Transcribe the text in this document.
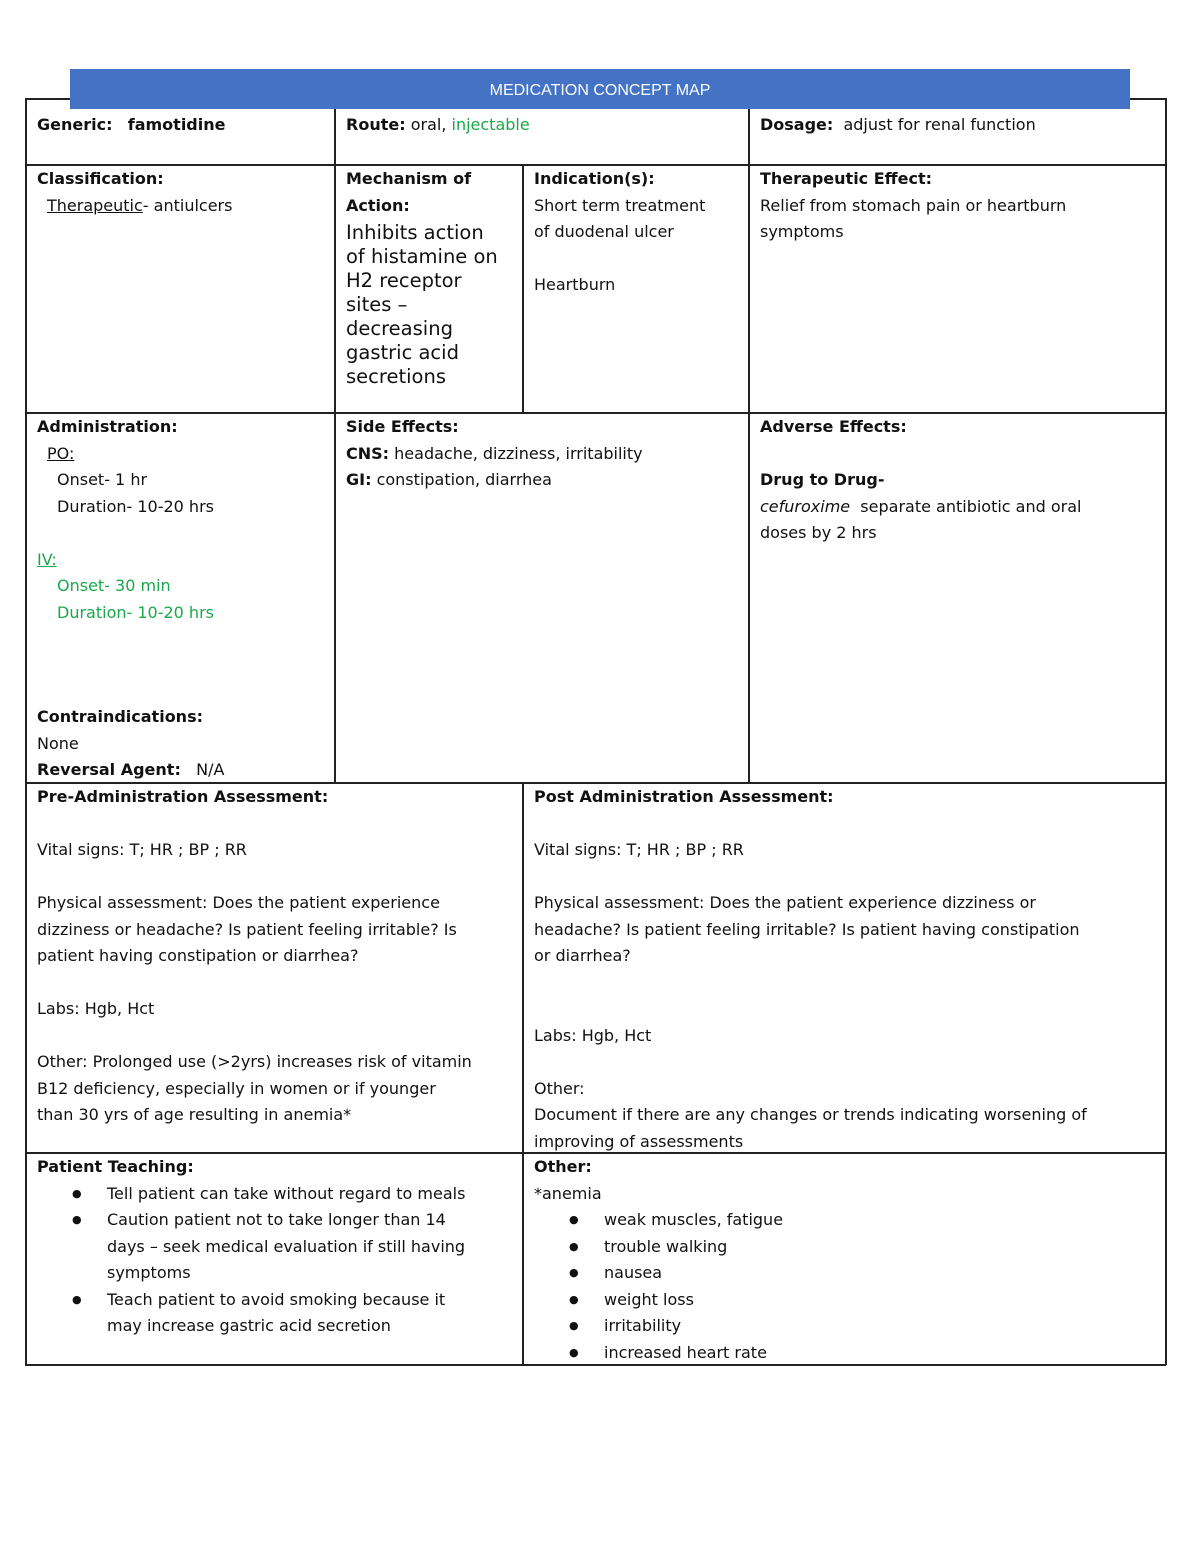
MEDICATION CONCEPT MAP
Generic: famotidine	Route: oral, injectable	Dosage: adjust for renal function
Classification:
Therapeutic- antiulcers
Mechanism of
Action:
Inhibits action
of histamine on
H2 receptor
sites –
decreasing
gastric acid
secretions
Indication(s):
Short term treatment
of duodenal ulcer
Heartburn
Therapeutic Effect:
Relief from stomach pain or heartburn
symptoms
Administration:
PO:
Onset- 1 hr
Duration- 10-20 hrs
IV:
Onset- 30 min
Duration- 10-20 hrs
Contraindications:
None
Reversal Agent: N/A
Side Effects:
CNS: headache, dizziness, irritability
GI: constipation, diarrhea
Adverse Effects:
Drug to Drug-
cefuroxime separate antibiotic and oral
doses by 2 hrs
Pre-Administration Assessment:
Vital signs: T; HR ; BP ; RR
Physical assessment: Does the patient experience
dizziness or headache? Is patient feeling irritable? Is
patient having constipation or diarrhea?
Labs: Hgb, Hct
Other: Prolonged use (>2yrs) increases risk of vitamin
B12 deficiency, especially in women or if younger
than 30 yrs of age resulting in anemia*
Post Administration Assessment:
Vital signs: T; HR ; BP ; RR
Physical assessment: Does the patient experience dizziness or
headache? Is patient feeling irritable? Is patient having constipation
or diarrhea?
Labs: Hgb, Hct
Other:
Document if there are any changes or trends indicating worsening of
improving of assessments
Patient Teaching:
● Tell patient can take without regard to meals
● Caution patient not to take longer than 14
days – seek medical evaluation if still having
symptoms
● Teach patient to avoid smoking because it
may increase gastric acid secretion
Other:
*anemia
● weak muscles, fatigue
● trouble walking
● nausea
● weight loss
● irritability
● increased heart rate
